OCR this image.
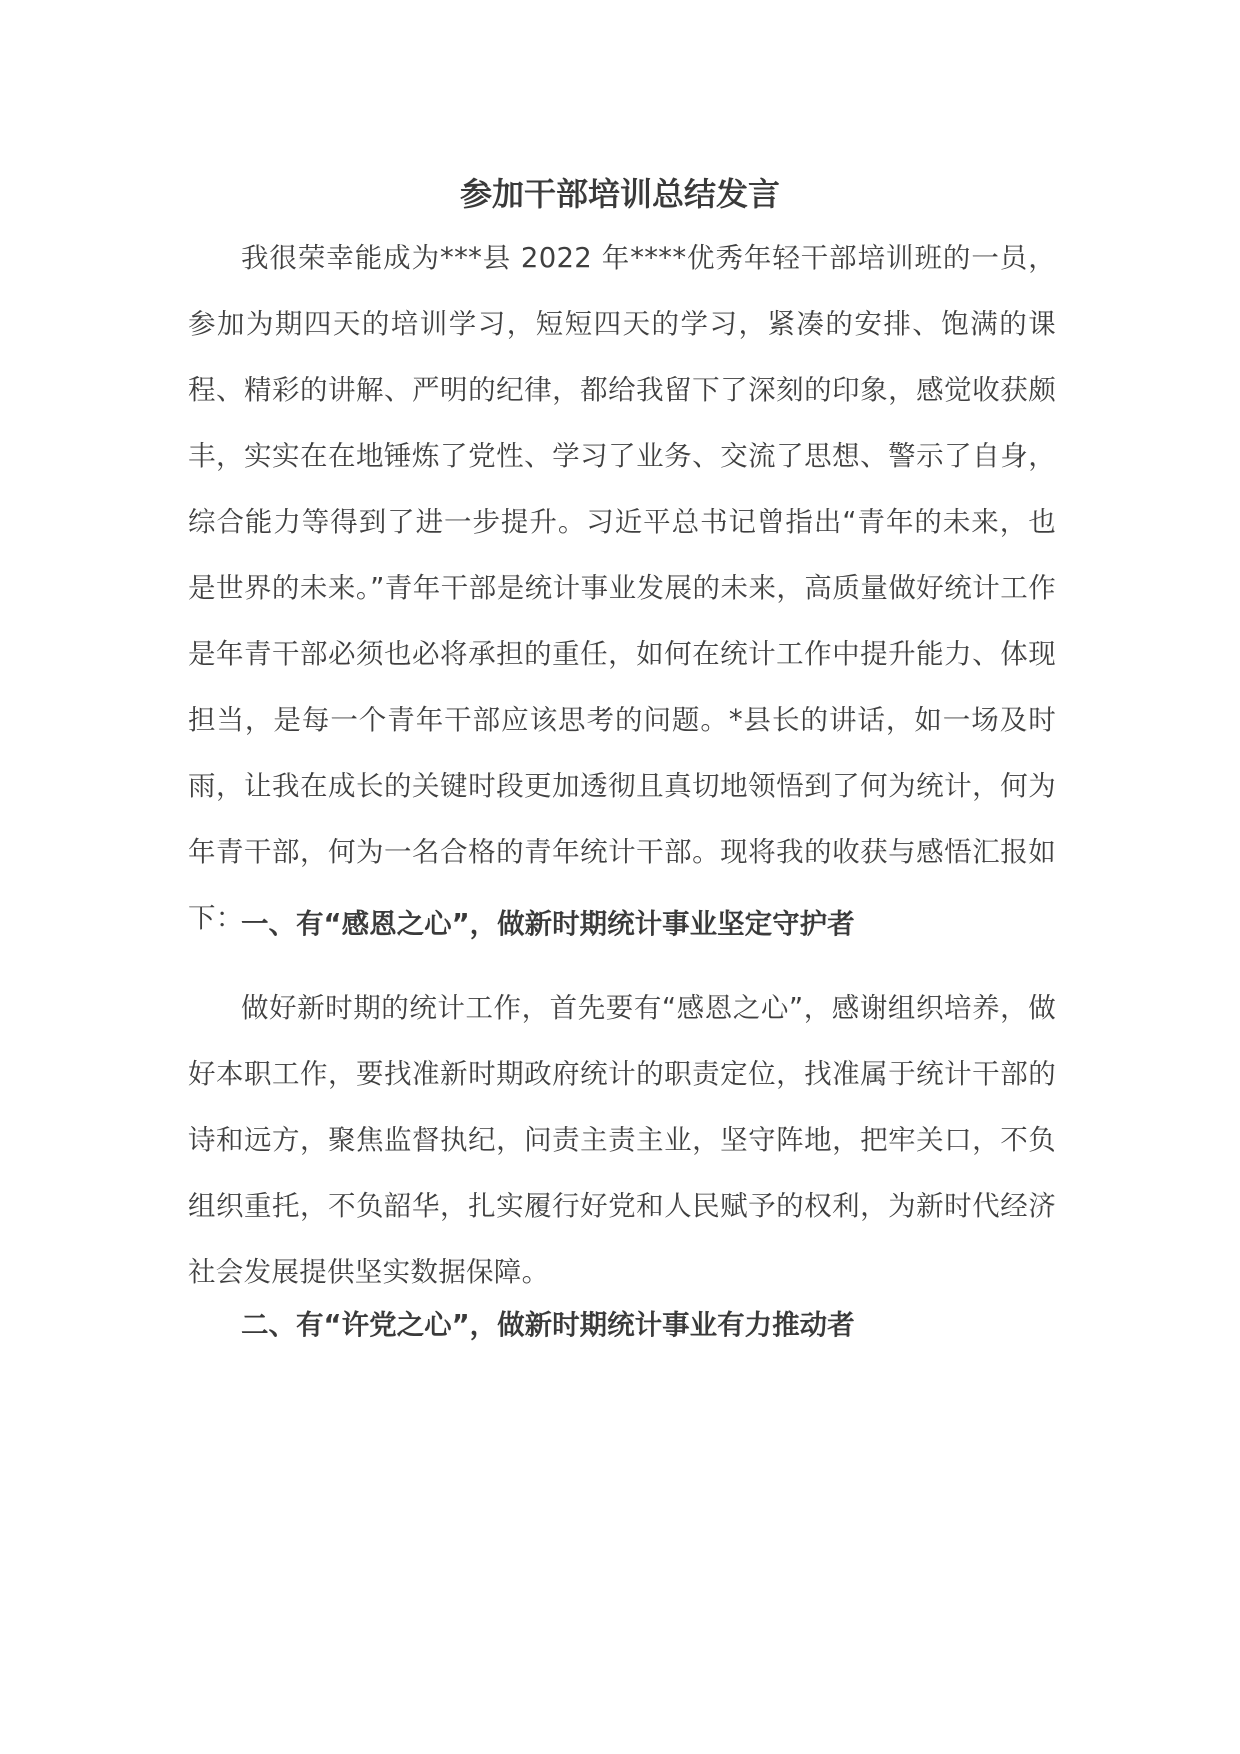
参加干部培训总结发言

我很荣幸能成为***县 2022 年****优秀年轻干部培训班的一员，参加为期四天的培训学习，短短四天的学习，紧凑的安排、饱满的课程、精彩的讲解、严明的纪律，都给我留下了深刻的印象，感觉收获颇丰，实实在在地锤炼了党性、学习了业务、交流了思想、警示了自身，综合能力等得到了进一步提升。习近平总书记曾指出“青年的未来，也是世界的未来。”青年干部是统计事业发展的未来，高质量做好统计工作是年青干部必须也必将承担的重任，如何在统计工作中提升能力、体现担当，是每一个青年干部应该思考的问题。*县长的讲话，如一场及时雨，让我在成长的关键时段更加透彻且真切地领悟到了何为统计，何为年青干部，何为一名合格的青年统计干部。现将我的收获与感悟汇报如下：

一、有“感恩之心”，做新时期统计事业坚定守护者

做好新时期的统计工作，首先要有“感恩之心”，感谢组织培养，做好本职工作，要找准新时期政府统计的职责定位，找准属于统计干部的诗和远方，聚焦监督执纪，问责主责主业，坚守阵地，把牢关口，不负组织重托，不负韶华，扎实履行好党和人民赋予的权利，为新时代经济社会发展提供坚实数据保障。

二、有“许党之心”，做新时期统计事业有力推动者
